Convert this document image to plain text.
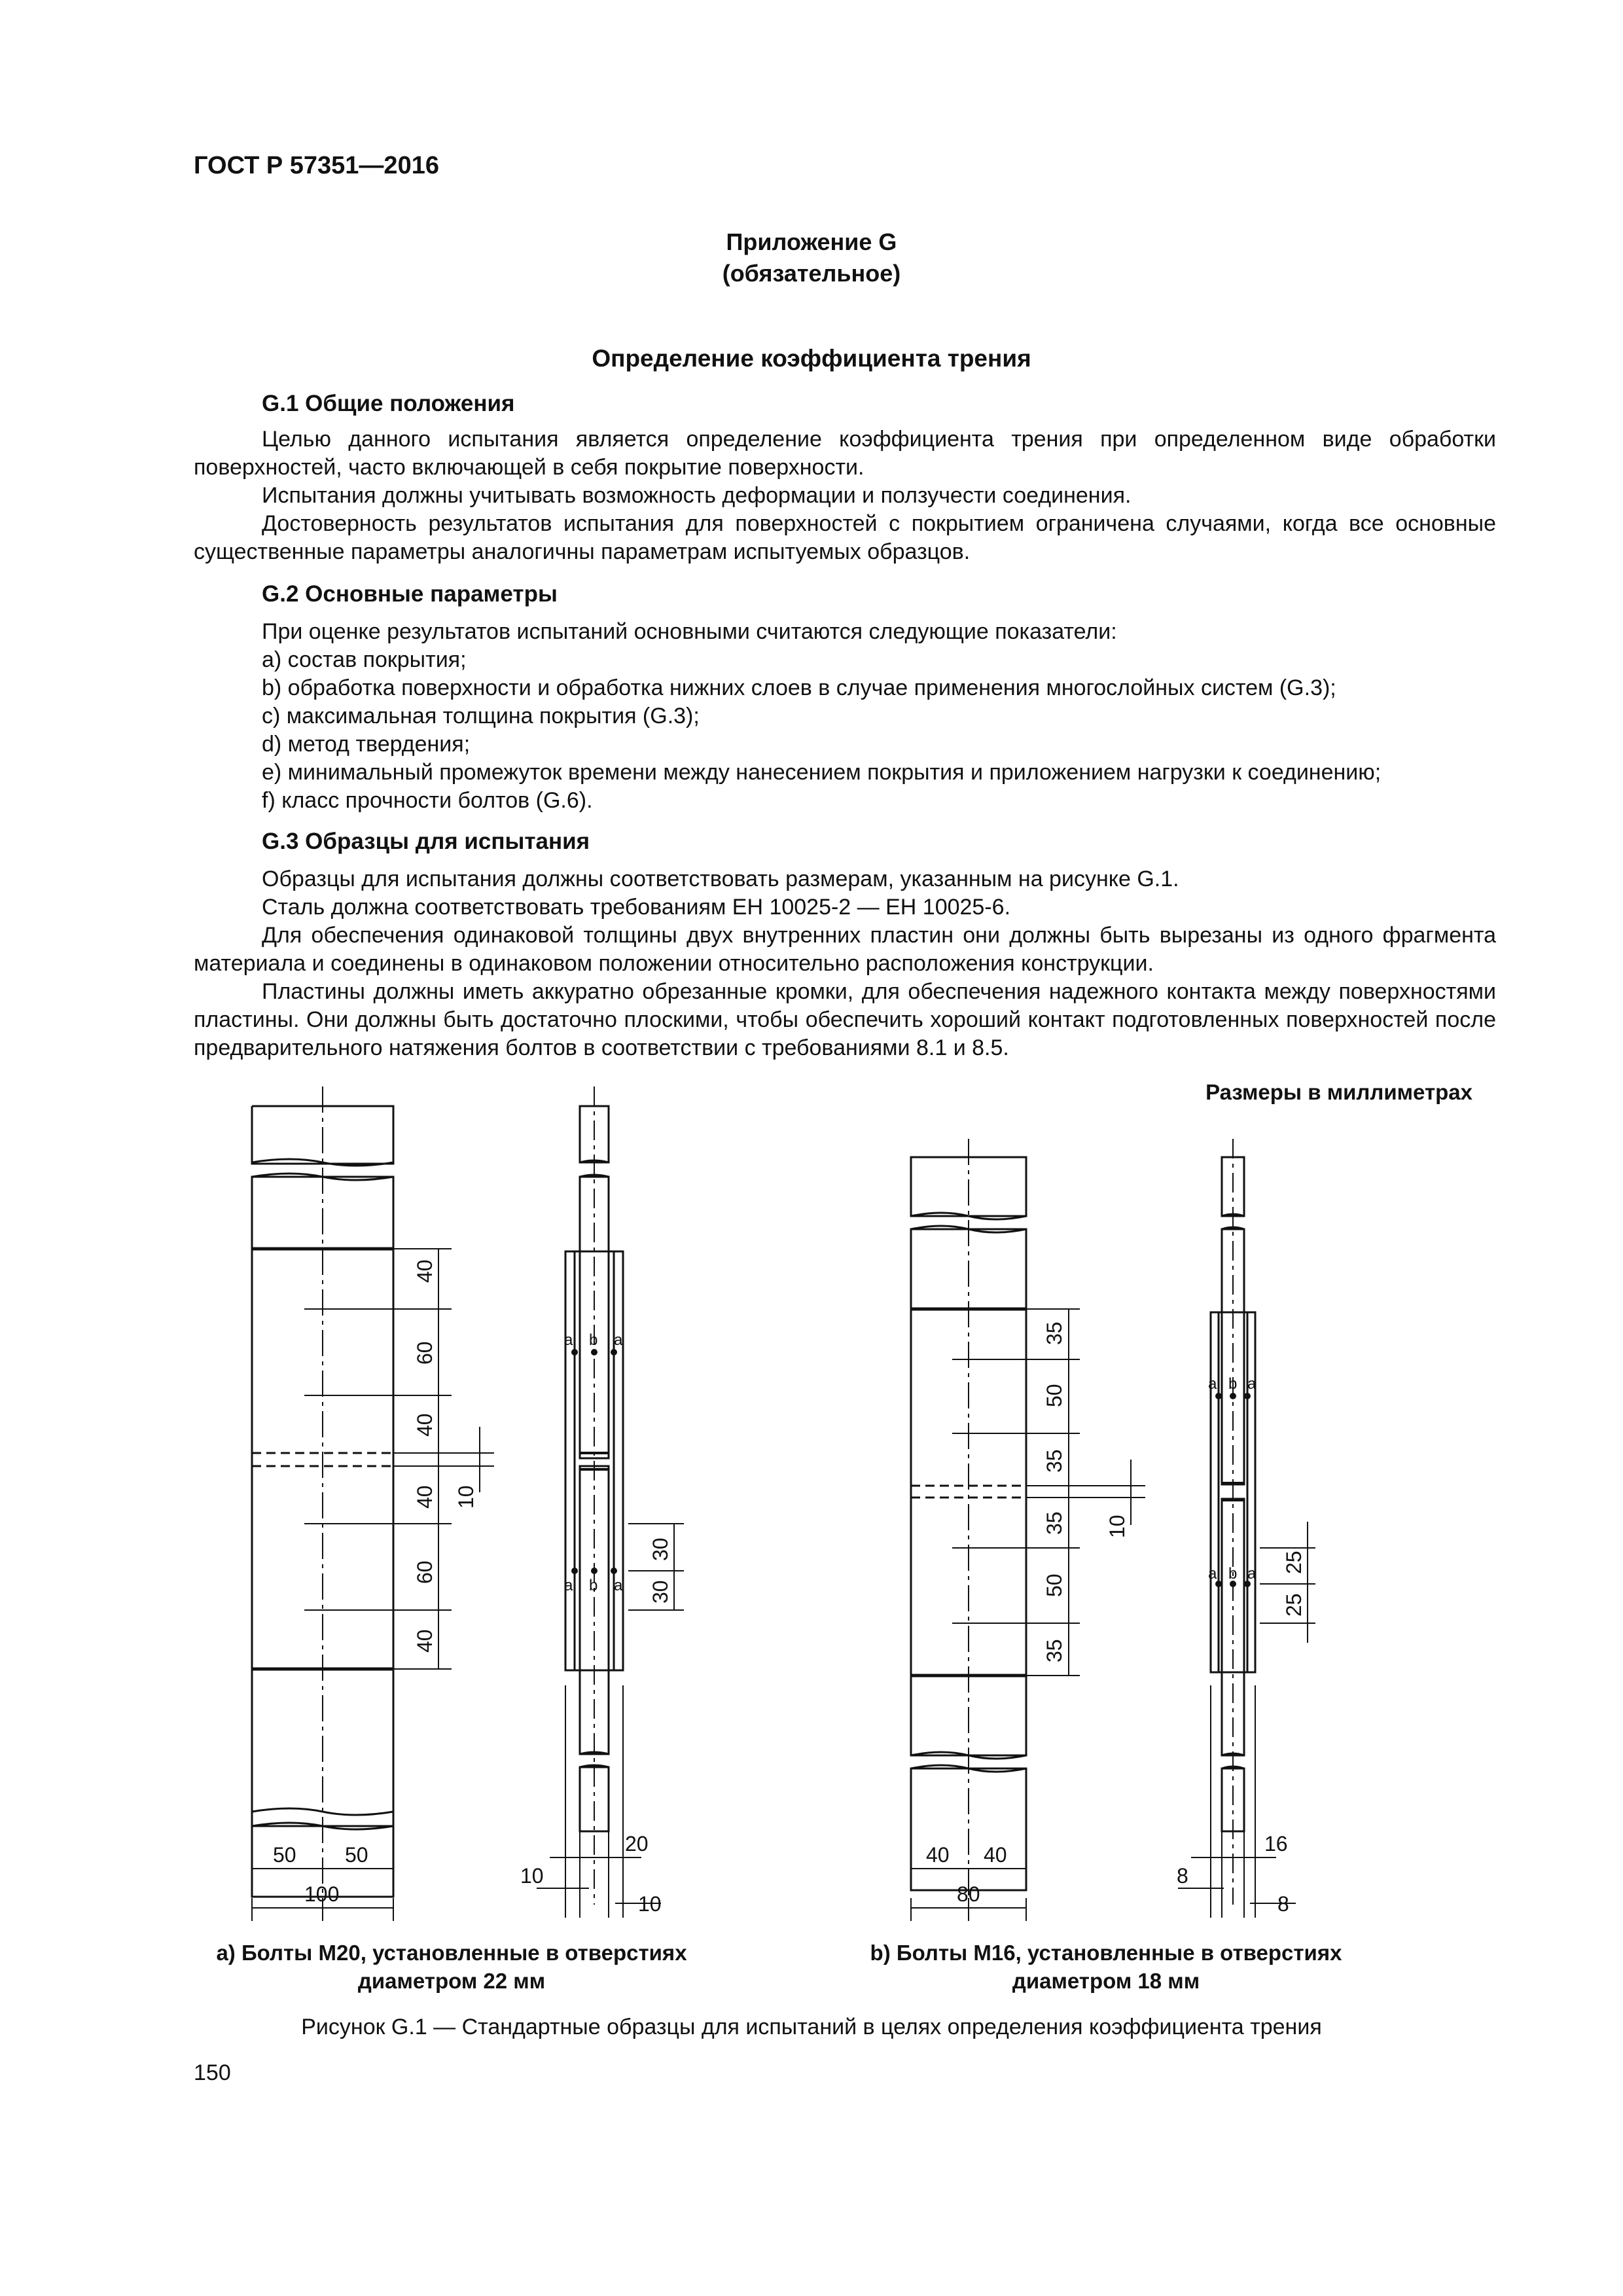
ГОСТ Р 57351—2016
Приложение G
(обязательное)
Определение коэффициента трения
G.1 Общие положения
Целью данного испытания является определение коэффициента трения при определенном виде обработки поверхностей, часто включающей в себя покрытие поверхности.
Испытания должны учитывать возможность деформации и ползучести соединения.
Достоверность результатов испытания для поверхностей с покрытием ограничена случаями, когда все основные существенные параметры аналогичны параметрам испытуемых образцов.
G.2 Основные параметры
При оценке результатов испытаний основными считаются следующие показатели:
a) состав покрытия;
b) обработка поверхности и обработка нижних слоев в случае применения многослойных систем (G.3);
c) максимальная толщина покрытия (G.3);
d) метод твердения;
e) минимальный промежуток времени между нанесением покрытия и приложением нагрузки к соединению;
f) класс прочности болтов (G.6).
G.3 Образцы для испытания
Образцы для испытания должны соответствовать размерам, указанным на рисунке G.1.
Сталь должна соответствовать требованиям ЕН 10025-2 — ЕН 10025-6.
Для обеспечения одинаковой толщины двух внутренних пластин они должны быть вырезаны из одного фрагмента материала и соединены в одинаковом положении относительно расположения конструкции.
Пластины должны иметь аккуратно обрезанные кромки, для обеспечения надежного контакта между поверхностями пластины. Они должны быть достаточно плоскими, чтобы обеспечить хороший контакт подготовленных поверхностей после предварительного натяжения болтов в соответствии с требованиями 8.1 и 8.5.
Размеры в миллиметрах
40
60
40
10
40
60
40
30
30
50 50
100
20
10
10
a b a
a b a
35
50
35
10
35
50
35
25
25
40 40
80
16
8
8
a b a
a b a
а) Болты М20, установленные в отверстиях
диаметром 22 мм
b) Болты М16, установленные в отверстиях
диаметром 18 мм
Рисунок G.1 — Стандартные образцы для испытаний в целях определения коэффициента трения
150
